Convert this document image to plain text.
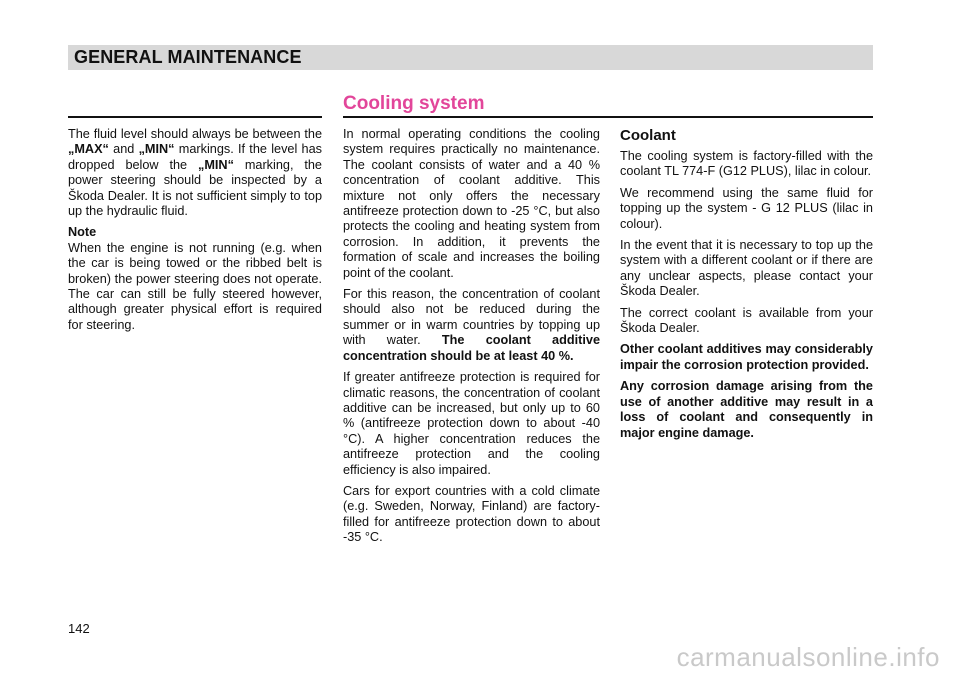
GENERAL MAINTENANCE
Cooling system

The fluid level should always be between the „MAX“ and „MIN“ markings. If the level has dropped below the „MIN“ marking, the power steering should be inspected by a Škoda Dealer. It is not sufficient simply to top up the hydraulic fluid.

Note

When the engine is not running (e.g. when the car is being towed or the ribbed belt is broken) the power steering does not operate. The car can still be fully steered however, although greater physical effort is required for steering.

In normal operating conditions the cooling system requires practically no maintenance. The coolant consists of water and a 40 % concentration of coolant additive. This mixture not only offers the necessary antifreeze protection down to -25 °C, but also protects the cooling and heating system from corrosion. In addition, it prevents the formation of scale and increases the boiling point of the coolant.

For this reason, the concentration of coolant should also not be reduced during the summer or in warm countries by topping up with water. The coolant additive concentration should be at least 40 %.

If greater antifreeze protection is required for climatic reasons, the concentration of coolant additive can be increased, but only up to 60 % (antifreeze protection down to about -40 °C). A higher concentration reduces the antifreeze protection and the cooling efficiency is also impaired.

Cars for export countries with a cold climate (e.g. Sweden, Norway, Finland) are factory-filled for antifreeze protection down to about -35 °C.

Coolant

The cooling system is factory-filled with the coolant TL 774-F (G12 PLUS), lilac in colour.

We recommend using the same fluid for topping up the system - G 12 PLUS (lilac in colour).

In the event that it is necessary to top up the system with a different coolant or if there are any unclear aspects, please contact your Škoda Dealer.

The correct coolant is available from your Škoda Dealer.

Other coolant additives may considerably impair the corrosion protection provided.

Any corrosion damage arising from the use of another additive may result in a loss of coolant and consequently in major engine damage.

142
carmanualsonline.info
